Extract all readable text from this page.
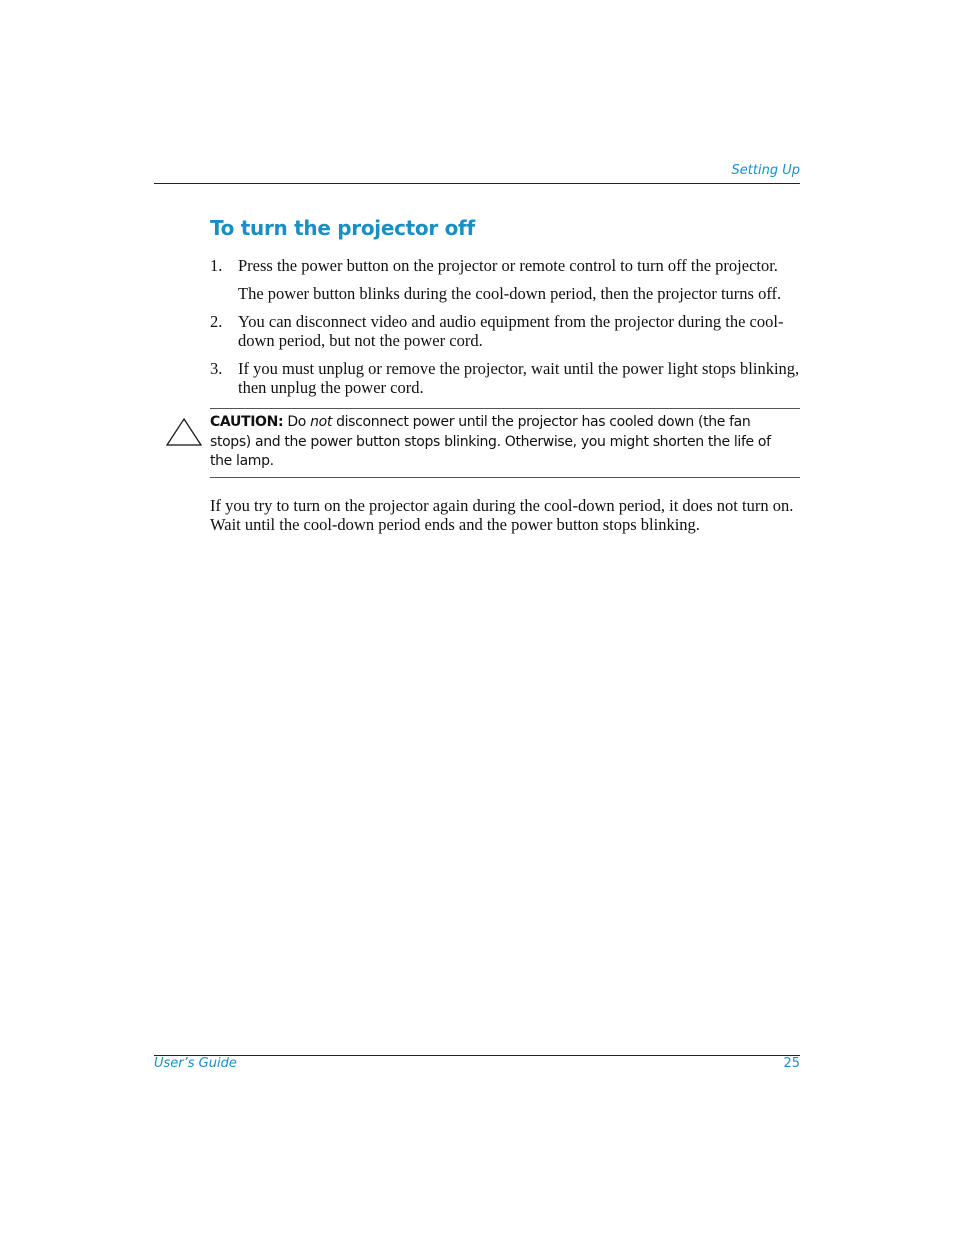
Setting Up
To turn the projector off
1. Press the power button on the projector or remote control to turn off the projector.
The power button blinks during the cool-down period, then the projector turns off.
2. You can disconnect video and audio equipment from the projector during the cool-down period, but not the power cord.
3. If you must unplug or remove the projector, wait until the power light stops blinking, then unplug the power cord.

CAUTION: Do not disconnect power until the projector has cooled down (the fan stops) and the power button stops blinking. Otherwise, you might shorten the life of the lamp.

If you try to turn on the projector again during the cool-down period, it does not turn on. Wait until the cool-down period ends and the power button stops blinking.

User’s Guide	25
